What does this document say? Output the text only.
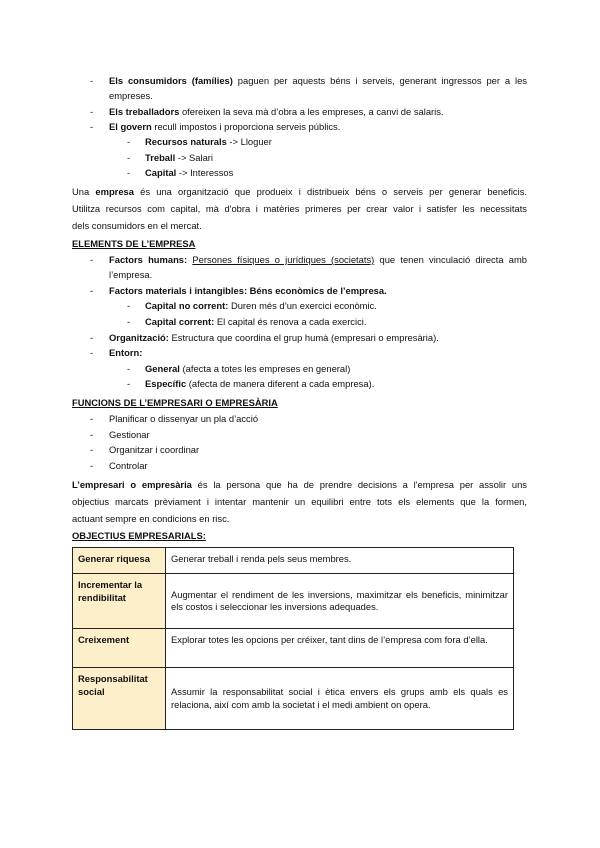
- Els consumidors (famílies) paguen per aquests béns i serveis, generant ingressos per a les
empreses.
- Els treballadors ofereixen la seva mà d’obra a les empreses, a canvi de salaris.
- El govern recull impostos i proporciona serveis públics.
- Recursos naturals -> Lloguer
- Treball -> Salari
- Capital -> Interessos
Una empresa és una organització que produeix i distribueix béns o serveis per generar beneficis.
Utilitza recursos com capital, mà d'obra i matèries primeres per crear valor i satisfer les necessitats
dels consumidors en el mercat.
ELEMENTS DE L’EMPRESA
- Factors humans: Persones físiques o jurídiques (societats) que tenen vinculació directa amb
l’empresa.
- Factors materials i intangibles: Béns econòmics de l’empresa.
- Capital no corrent: Duren més d’un exercici econòmic.
- Capital corrent: El capital és renova a cada exercici.
- Organització: Estructura que coordina el grup humà (empresari o empresària).
- Entorn:
- General (afecta a totes les empreses en general)
- Específic (afecta de manera diferent a cada empresa).
FUNCIONS DE L’EMPRESARI O EMPRESÀRIA
- Planificar o dissenyar un pla d’acció
- Gestionar
- Organitzar i coordinar
- Controlar
L’empresari o empresària és la persona que ha de prendre decisions a l'empresa per assolir uns
objectius marcats prèviament i intentar mantenir un equilibri entre tots els elements que la formen,
actuant sempre en condicions en risc.
OBJECTIUS EMPRESARIALS:
Generar riquesa	Generar treball i renda pels seus membres.
Incrementar la rendibilitat	Augmentar el rendiment de les inversions, maximitzar els beneficis, minimitzar els costos i seleccionar les inversions adequades.
Creixement	Explorar totes les opcions per créixer, tant dins de l’empresa com fora d’ella.
Responsabilitat social	Assumir la responsabilitat social i ètica envers els grups amb els quals es relaciona, així com amb la societat i el medi ambient on opera.
